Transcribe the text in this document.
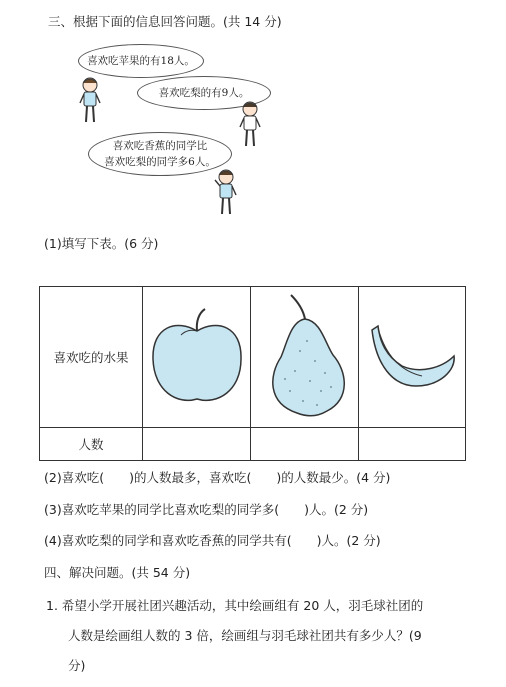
三、根据下面的信息回答问题。(共 14 分)
喜欢吃苹果的有18人。
喜欢吃梨的有9人。
喜欢吃香蕉的同学比
喜欢吃梨的同学多6人。
(1)填写下表。(6 分)
喜欢吃的水果			
人数			
(2)喜欢吃(　　)的人数最多，喜欢吃(　　)的人数最少。(4 分)
(3)喜欢吃苹果的同学比喜欢吃梨的同学多(　　)人。(2 分)
(4)喜欢吃梨的同学和喜欢吃香蕉的同学共有(　　)人。(2 分)
四、解决问题。(共 54 分)
1. 希望小学开展社团兴趣活动，其中绘画组有 20 人，羽毛球社团的
人数是绘画组人数的 3 倍，绘画组与羽毛球社团共有多少人？(9
分)
